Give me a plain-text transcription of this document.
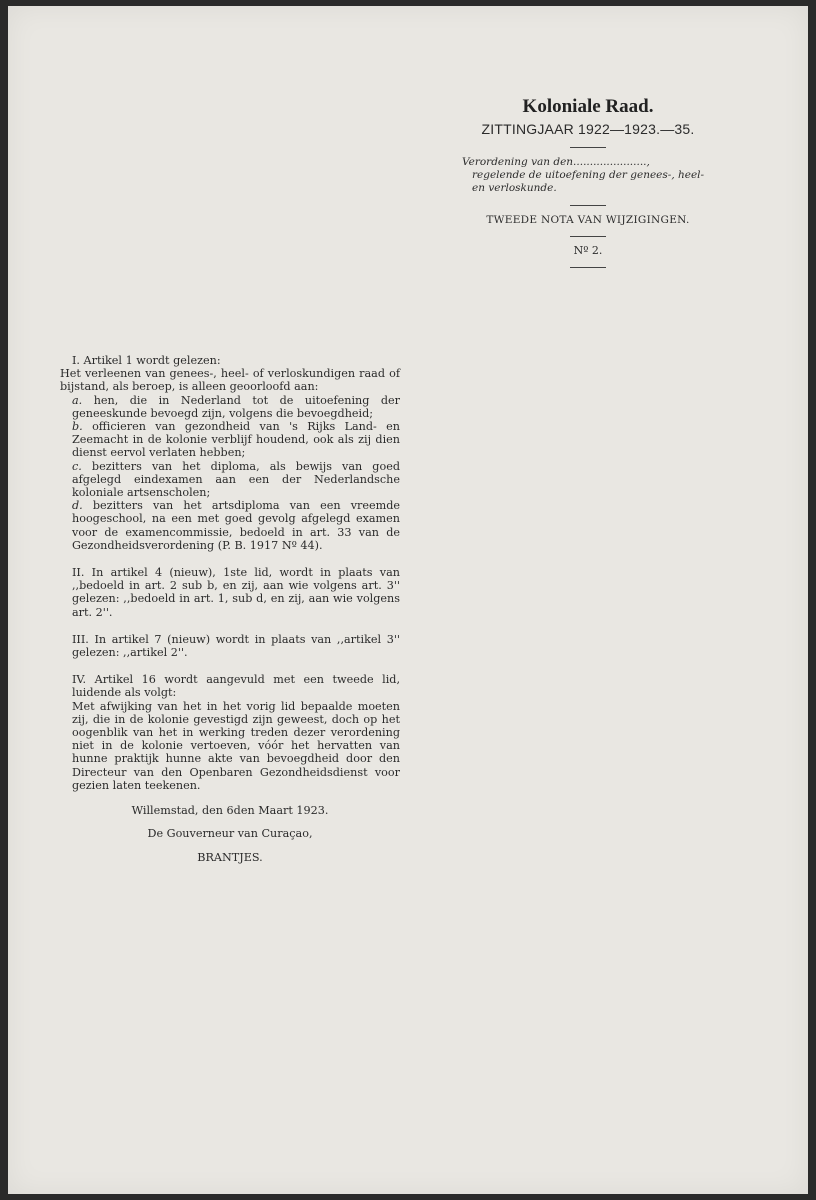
Koloniale Raad.
ZITTINGJAAR 1922—1923.—35.
Verordening van den......................,
regelende de uitoefening der genees-, heel-
en verloskunde.
TWEEDE NOTA VAN WIJZIGINGEN.
Nº 2.

I. Artikel 1 wordt gelezen:

Het verleenen van genees-, heel- of verloskundigen raad of bijstand, als beroep, is alleen geoorloofd aan:

a. hen, die in Nederland tot de uitoefening der geneeskunde bevoegd zijn, volgens die bevoegdheid;

b. officieren van gezondheid van 's Rijks Land- en Zeemacht in de kolonie verblijf houdend, ook als zij dien dienst eervol verlaten hebben;

c. bezitters van het diploma, als bewijs van goed afgelegd eindexamen aan een der Nederlandsche koloniale artsenscholen;

d. bezitters van het artsdiploma van een vreemde hoogeschool, na een met goed gevolg afgelegd examen voor de examencommissie, bedoeld in art. 33 van de Gezondheidsverordening (P. B. 1917 Nº 44).

II. In artikel 4 (nieuw), 1ste lid, wordt in plaats van ,,bedoeld in art. 2 sub b, en zij, aan wie volgens art. 3'' gelezen: ,,bedoeld in art. 1, sub d, en zij, aan wie volgens art. 2''.

III. In artikel 7 (nieuw) wordt in plaats van ,,artikel 3'' gelezen: ,,artikel 2''.

IV. Artikel 16 wordt aangevuld met een tweede lid, luidende als volgt:

Met afwijking van het in het vorig lid bepaalde moeten zij, die in de kolonie gevestigd zijn geweest, doch op het oogenblik van het in werking treden dezer verordening niet in de kolonie vertoeven, vóór het hervatten van hunne praktijk hunne akte van bevoegdheid door den Directeur van den Openbaren Gezondheidsdienst voor gezien laten teekenen.

Willemstad, den 6den Maart 1923.
De Gouverneur van Curaçao,
BRANTJES.
